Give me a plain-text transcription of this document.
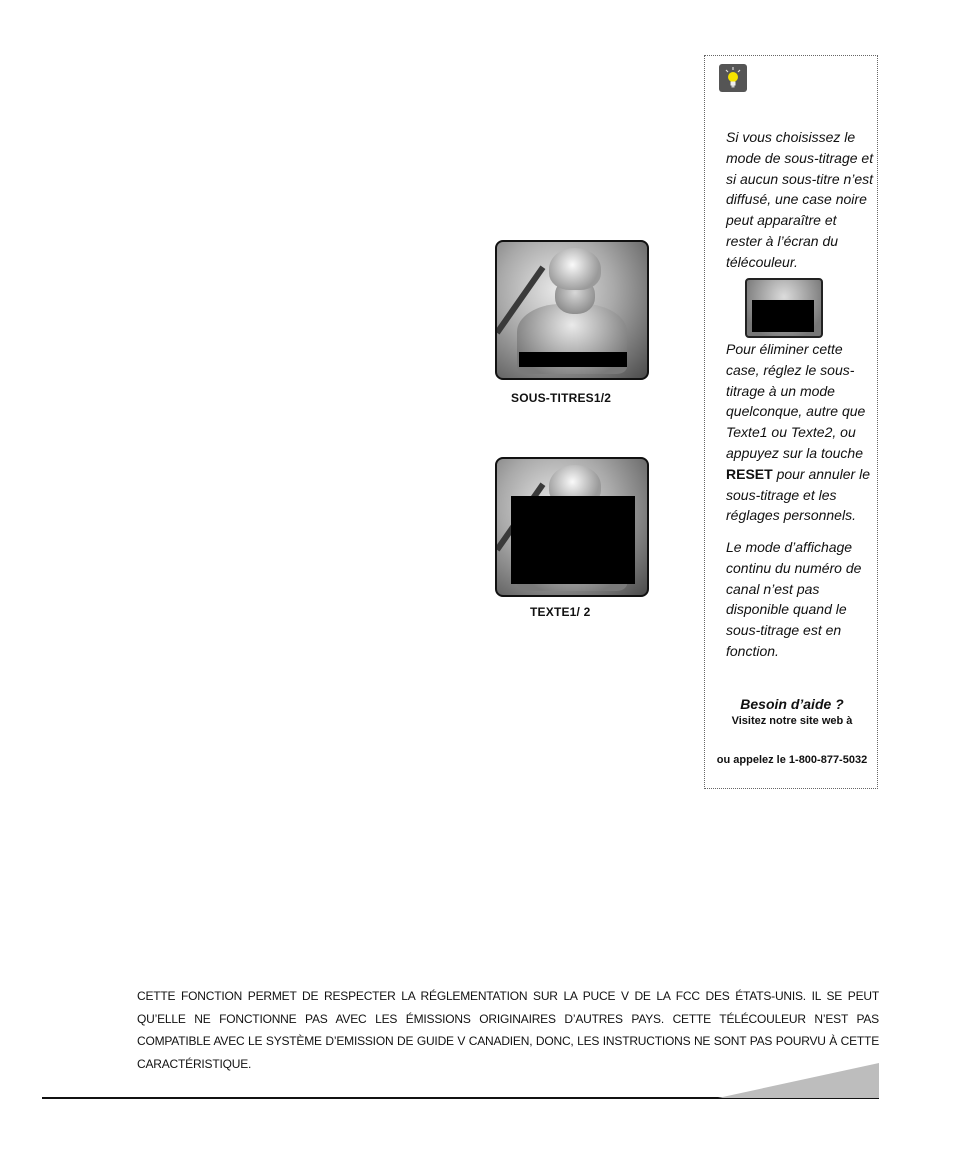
SOUS-TITRES1/2
TEXTE1/ 2
Si vous choisissez le mode de sous-titrage et si aucun sous-titre n’est diffusé, une case noire peut apparaître et rester à l’écran du télécouleur.
Pour éliminer cette case, réglez le sous-titrage à un mode quelconque, autre que Texte1 ou Texte2, ou appuyez sur la touche RESET pour annuler le sous-titrage et les réglages personnels.
Le mode d’affichage continu du numéro de canal n’est pas disponible quand le sous-titrage est en fonction.
Besoin d’aide ?
Visitez notre site web à
ou appelez le 1-800-877-5032
CETTE FONCTION PERMET DE RESPECTER LA RÉGLEMENTATION SUR LA PUCE V DE LA FCC DES ÉTATS-UNIS. IL SE PEUT QU’ELLE NE FONCTIONNE PAS AVEC LES ÉMISSIONS ORIGINAIRES D’AUTRES PAYS. CETTE TÉLÉCOULEUR N’EST PAS COMPATIBLE AVEC LE SYSTÈME D’EMISSION DE GUIDE V CANADIEN, DONC, LES INSTRUCTIONS NE SONT PAS POURVU À CETTE CARACTÉRISTIQUE.
